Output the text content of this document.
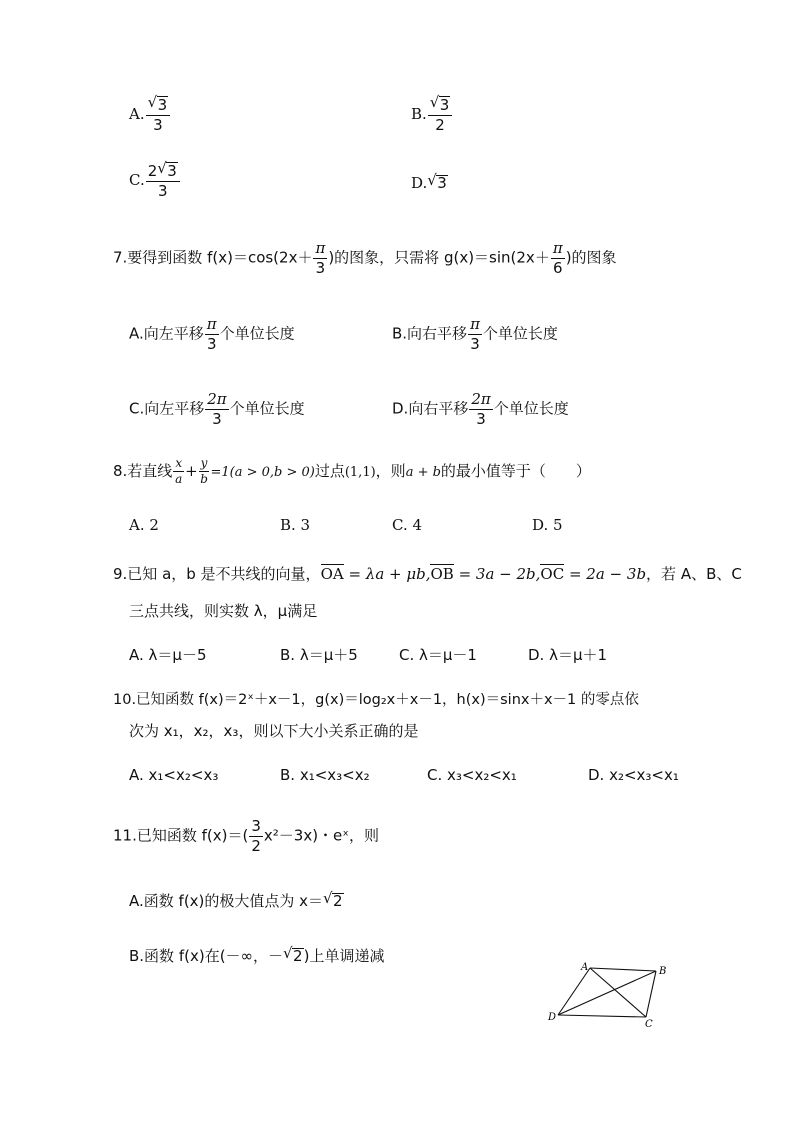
A. $\frac{√ 3}{3}$	B. $\frac{√ 3}{2}$
C. $\frac{2 √ 3}{3}$	D. √ 3
7.要得到函数 $f(x)=\cos(2x+ \frac{\pi}{3}$ )的图象，只需将 $g(x)=\sin(2x+ \frac{\pi}{6}$ )的图象
A.向左平移 $\frac{\pi}{3}$ 个单位长度	B.向右平移 $\frac{\pi}{3}$ 个单位长度
C.向左平移 $\frac{2\pi}{3}$ 个单位长度	D.向右平移 $\frac{2\pi}{3}$ 个单位长度
8.若直线 $\frac{x}{a} + \frac{y}{b} =1(a > 0,b > 0)$过点(1,1)，则a + b的最小值等于（　　）
A. 2	B. 3	C. 4	D. 5
9.已知 a，b 是不共线的向量，OA = λa + μb,OB = 3a − 2b,OC = 2a − 3b，若 A、B、C
三点共线，则实数 λ，μ满足
A. λ＝μ－5	B. λ＝μ＋5	C. λ＝μ－1	D. λ＝μ＋1
10.已知函数 f(x)＝2ˣ＋x－1，g(x)＝log₂x＋x－1，h(x)＝sinx＋x－1 的零点依
次为 x₁，x₂，x₃，则以下大小关系正确的是
A. x₁<x₂<x₃	B. x₁<x₃<x₂	C. x₃<x₂<x₁	D. x₂<x₃<x₁
11.已知函数 $f(x)=( \frac{3}{2} x^2-3x)$・eˣ，则
A.函数 f(x)的极大值点为 x＝ √ 2
B.函数 f(x)在(－∞，－ √ 2)上单调递减
A	B
C
D
